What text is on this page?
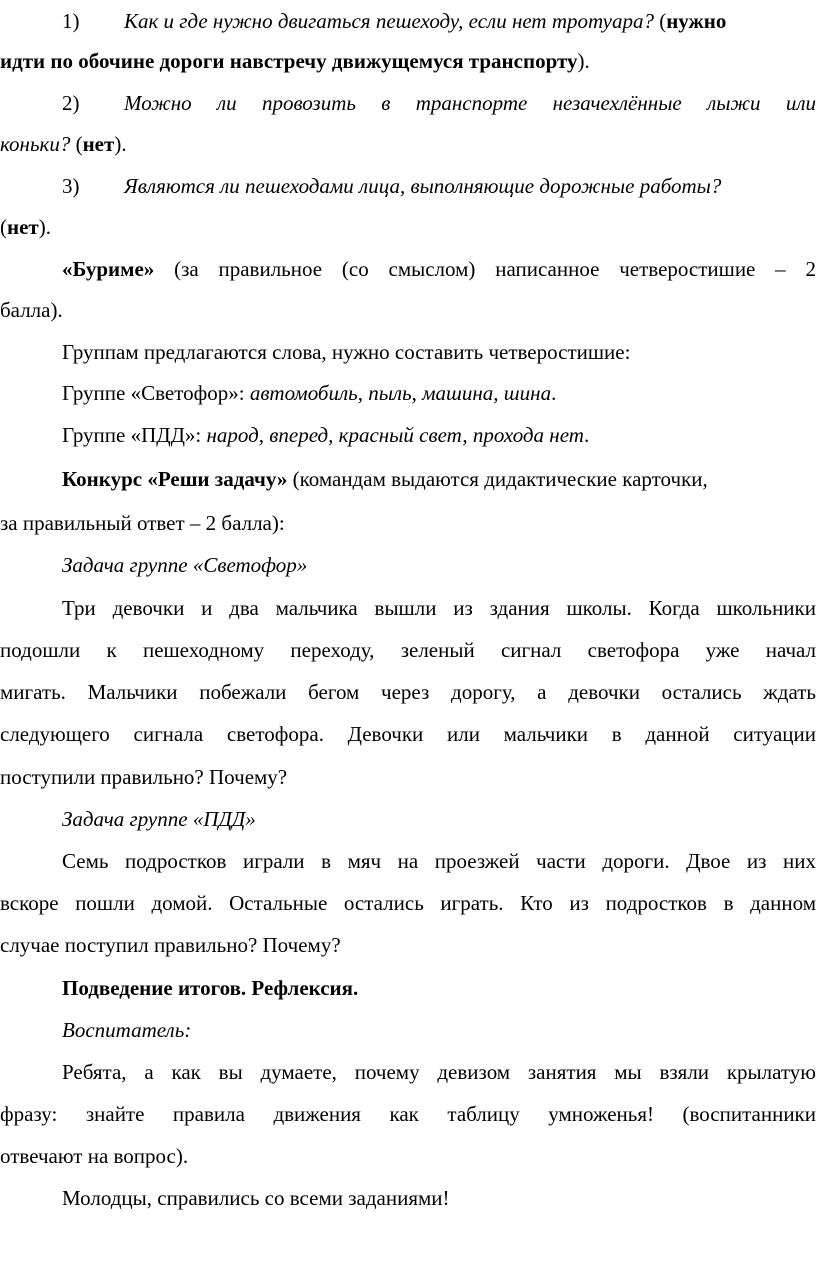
1) Как и где нужно двигаться пешеходу, если нет тротуара? (нужно
идти по обочине дороги навстречу движущемуся транспорту).
2) Можно ли провозить в транспорте незачехлённые лыжи или
коньки? (нет).
3) Являются ли пешеходами лица, выполняющие дорожные работы?
(нет).
«Буриме» (за правильное (со смыслом) написанное четверостишие – 2
балла).
Группам предлагаются слова, нужно составить четверостишие:
Группе «Светофор»: автомобиль, пыль, машина, шина.
Группе «ПДД»: народ, вперед, красный свет, прохода нет.
Конкурс «Реши задачу» (командам выдаются дидактические карточки,
за правильный ответ – 2 балла):
Задача группе «Светофор»
Три девочки и два мальчика вышли из здания школы. Когда школьники
подошли к пешеходному переходу, зеленый сигнал светофора уже начал
мигать. Мальчики побежали бегом через дорогу, а девочки остались ждать
следующего сигнала светофора. Девочки или мальчики в данной ситуации
поступили правильно? Почему?
Задача группе «ПДД»
Семь подростков играли в мяч на проезжей части дороги. Двое из них
вскоре пошли домой. Остальные остались играть. Кто из подростков в данном
случае поступил правильно? Почему?
Подведение итогов. Рефлексия.
Воспитатель:
Ребята, а как вы думаете, почему девизом занятия мы взяли крылатую
фразу: знайте правила движения как таблицу умноженья! (воспитанники
отвечают на вопрос).
Молодцы, справились со всеми заданиями!
